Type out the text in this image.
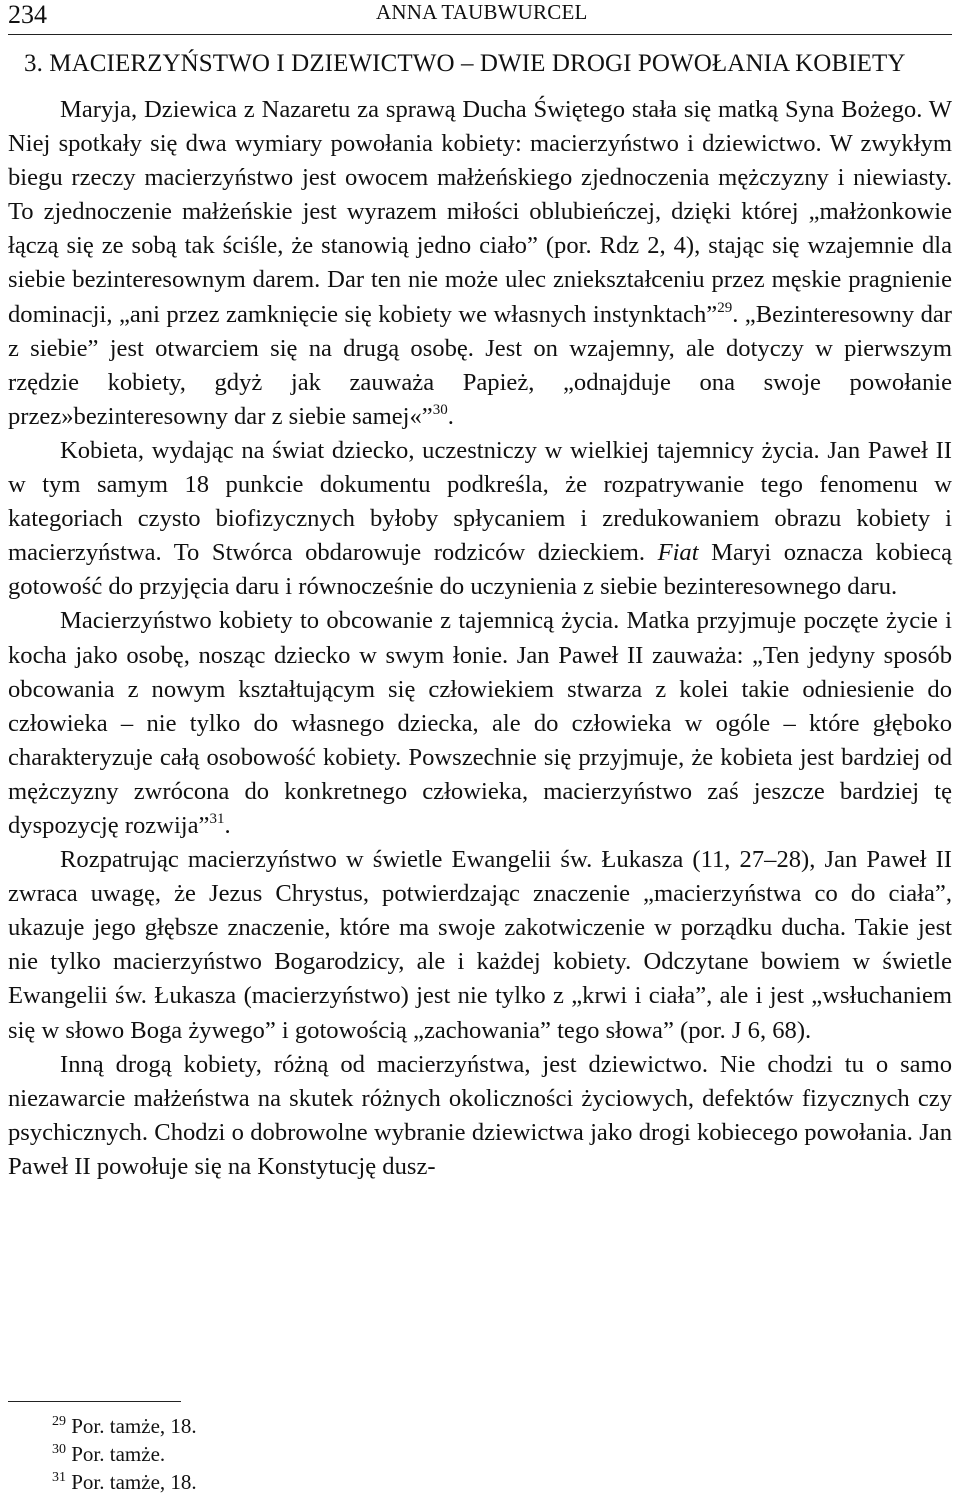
234	ANNA TAUBWURCEL
3. MACIERZYŃSTWO I DZIEWICTWO – DWIE DROGI POWOŁANIA KOBIETY

Maryja, Dziewica z Nazaretu za sprawą Ducha Świętego stała się matką Syna Bożego. W Niej spotkały się dwa wymiary powołania kobiety: macierzyństwo i dziewictwo. W zwykłym biegu rzeczy macierzyństwo jest owocem małżeńskiego zjednoczenia mężczyzny i niewiasty. To zjednoczenie małżeńskie jest wyrazem miłości oblubieńczej, dzięki której „małżonkowie łączą się ze sobą tak ściśle, że stanowią jedno ciało” (por. Rdz 2, 4), stając się wzajemnie dla siebie bezinteresownym darem. Dar ten nie może ulec zniekształceniu przez męskie pragnienie dominacji, „ani przez zamknięcie się kobiety we własnych instynktach”$^{29}$. „Bezinteresowny dar z siebie” jest otwarciem się na drugą osobę. Jest on wzajemny, ale dotyczy w pierwszym rzędzie kobiety, gdyż jak zauważa Papież, „odnajduje ona swoje powołanie przez»bezinteresowny dar z siebie samej«”$^{30}$.

Kobieta, wydając na świat dziecko, uczestniczy w wielkiej tajemnicy życia. Jan Paweł II w tym samym 18 punkcie dokumentu podkreśla, że rozpatrywanie tego fenomenu w kategoriach czysto biofizycznych byłoby spłycaniem i zredukowaniem obrazu kobiety i macierzyństwa. To Stwórca obdarowuje rodziców dzieckiem. Fiat Maryi oznacza kobiecą gotowość do przyjęcia daru i równocześnie do uczynienia z siebie bezinteresownego daru.

Macierzyństwo kobiety to obcowanie z tajemnicą życia. Matka przyjmuje poczęte życie i kocha jako osobę, nosząc dziecko w swym łonie. Jan Paweł II zauważa: „Ten jedyny sposób obcowania z nowym kształtującym się człowiekiem stwarza z kolei takie odniesienie do człowieka – nie tylko do własnego dziecka, ale do człowieka w ogóle – które głęboko charakteryzuje całą osobowość kobiety. Powszechnie się przyjmuje, że kobieta jest bardziej od mężczyzny zwrócona do konkretnego człowieka, macierzyństwo zaś jeszcze bardziej tę dyspozycję rozwija”$^{31}$.

Rozpatrując macierzyństwo w świetle Ewangelii św. Łukasza (11, 27–28), Jan Paweł II zwraca uwagę, że Jezus Chrystus, potwierdzając znaczenie „macierzyństwa co do ciała”, ukazuje jego głębsze znaczenie, które ma swoje zakotwiczenie w porządku ducha. Takie jest nie tylko macierzyństwo Bogarodzicy, ale i każdej kobiety. Odczytane bowiem w świetle Ewangelii św. Łukasza (macierzyństwo) jest nie tylko z „krwi i ciała”, ale i jest „wsłuchaniem się w słowo Boga żywego” i gotowością „zachowania” tego słowa” (por. J 6, 68).

Inną drogą kobiety, różną od macierzyństwa, jest dziewictwo. Nie chodzi tu o samo niezawarcie małżeństwa na skutek różnych okoliczności życiowych, defektów fizycznych czy psychicznych. Chodzi o dobrowolne wybranie dziewictwa jako drogi kobiecego powołania. Jan Paweł II powołuje się na Konstytucję dusz-

$^{29}$ Por. tamże, 18.
$^{30}$ Por. tamże.
$^{31}$ Por. tamże, 18.
